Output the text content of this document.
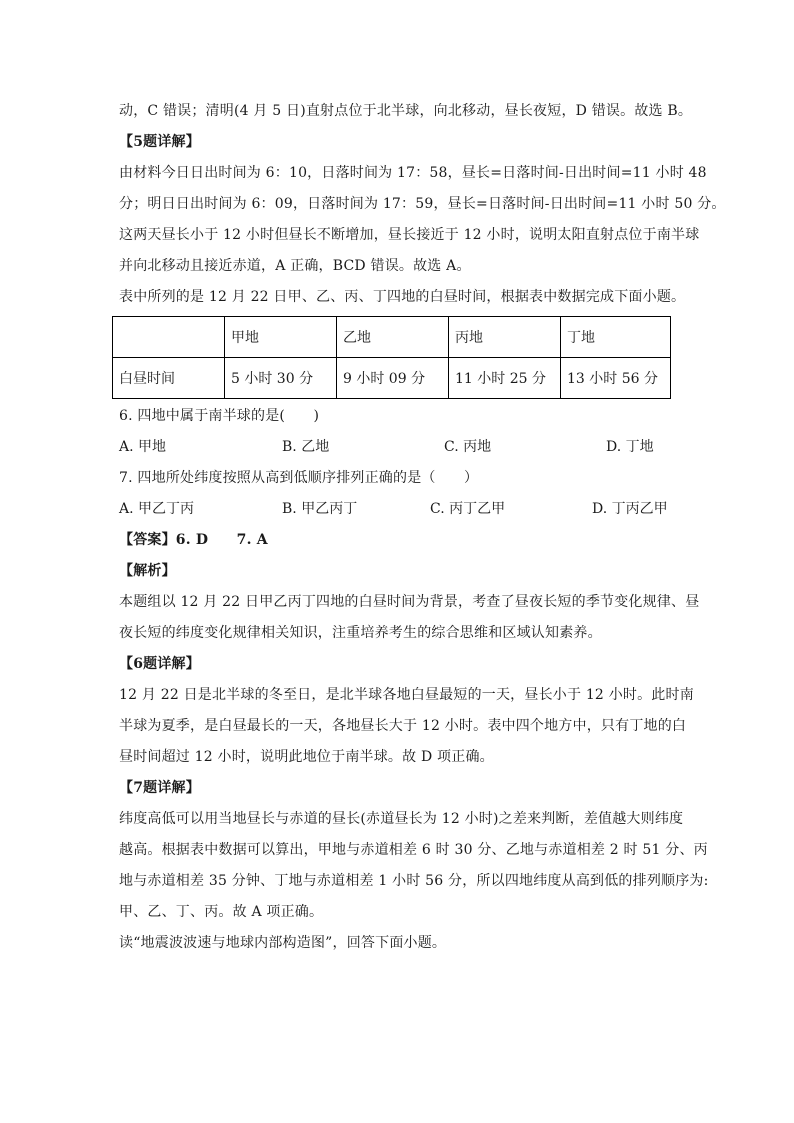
动，C 错误；清明(4 月 5 日)直射点位于北半球，向北移动，昼长夜短，D 错误。故选 B。
【5题详解】
由材料今日日出时间为 6：10，日落时间为 17：58，昼长=日落时间-日出时间=11 小时 48
分；明日日出时间为 6：09，日落时间为 17：59，昼长=日落时间-日出时间=11 小时 50 分。
这两天昼长小于 12 小时但昼长不断增加，昼长接近于 12 小时，说明太阳直射点位于南半球
并向北移动且接近赤道，A 正确，BCD 错误。故选 A。
表中所列的是 12 月 22 日甲、乙、丙、丁四地的白昼时间，根据表中数据完成下面小题。
	甲地	乙地	丙地	丁地
白昼时间	5 小时 30 分	9 小时 09 分	11 小时 25 分	13 小时 56 分
6. 四地中属于南半球的是(　　)
A. 甲地	B. 乙地	C. 丙地	D. 丁地
7. 四地所处纬度按照从高到低顺序排列正确的是（　　）
A. 甲乙丁丙	B. 甲乙丙丁	C. 丙丁乙甲	D. 丁丙乙甲
【答案】6. D　　7. A
【解析】
本题组以 12 月 22 日甲乙丙丁四地的白昼时间为背景，考查了昼夜长短的季节变化规律、昼
夜长短的纬度变化规律相关知识，注重培养考生的综合思维和区域认知素养。
【6题详解】
12 月 22 日是北半球的冬至日，是北半球各地白昼最短的一天，昼长小于 12 小时。此时南
半球为夏季，是白昼最长的一天，各地昼长大于 12 小时。表中四个地方中，只有丁地的白
昼时间超过 12 小时，说明此地位于南半球。故 D 项正确。
【7题详解】
纬度高低可以用当地昼长与赤道的昼长(赤道昼长为 12 小时)之差来判断，差值越大则纬度
越高。根据表中数据可以算出，甲地与赤道相差 6 时 30 分、乙地与赤道相差 2 时 51 分、丙
地与赤道相差 35 分钟、丁地与赤道相差 1 小时 56 分，所以四地纬度从高到低的排列顺序为:
甲、乙、丁、丙。故 A 项正确。
读“地震波波速与地球内部构造图”，回答下面小题。
